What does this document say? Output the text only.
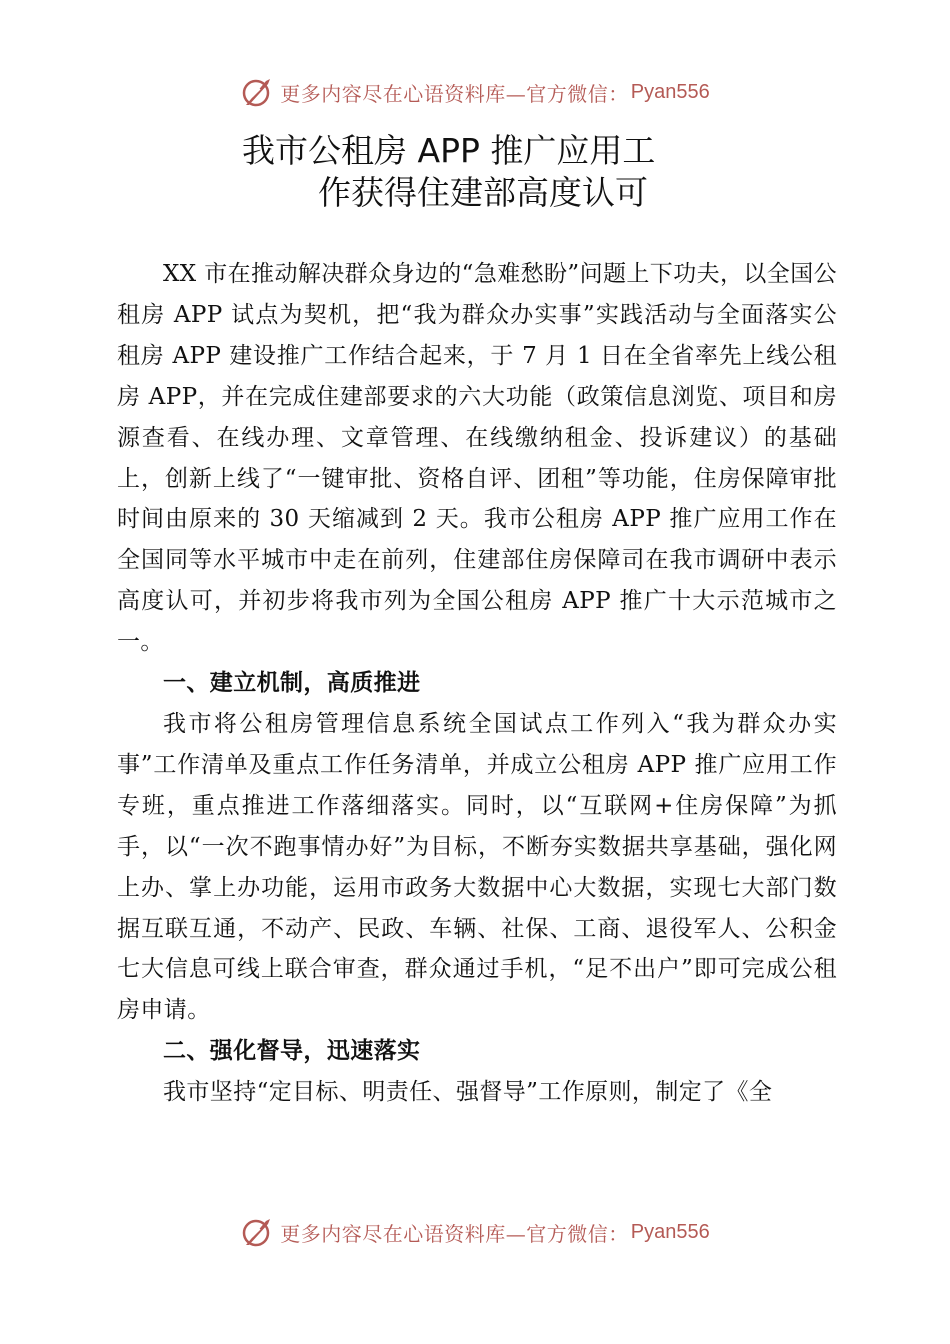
更多内容尽在心语资料库—官方微信： Pyan556
我市公租房 APP 推广应用工
作获得住建部高度认可

XX 市在推动解决群众身边的“急难愁盼”问题上下功夫，以全国公租房 APP 试点为契机，把“我为群众办实事”实践活动与全面落实公租房 APP 建设推广工作结合起来，于 7 月 1 日在全省率先上线公租房 APP，并在完成住建部要求的六大功能（政策信息浏览、项目和房源查看、在线办理、文章管理、在线缴纳租金、投诉建议）的基础上，创新上线了“一键审批、资格自评、团租”等功能，住房保障审批时间由原来的 30 天缩减到 2 天。我市公租房 APP 推广应用工作在全国同等水平城市中走在前列，住建部住房保障司在我市调研中表示高度认可，并初步将我市列为全国公租房 APP 推广十大示范城市之一。

一、建立机制，高质推进

我市将公租房管理信息系统全国试点工作列入“我为群众办实事”工作清单及重点工作任务清单，并成立公租房 APP 推广应用工作专班，重点推进工作落细落实。同时，以“互联网+住房保障”为抓手，以“一次不跑事情办好”为目标，不断夯实数据共享基础，强化网上办、掌上办功能，运用市政务大数据中心大数据，实现七大部门数据互联互通，不动产、民政、车辆、社保、工商、退役军人、公积金七大信息可线上联合审查，群众通过手机，“足不出户”即可完成公租房申请。

二、强化督导，迅速落实

我市坚持“定目标、明责任、强督导”工作原则，制定了《全

更多内容尽在心语资料库—官方微信： Pyan556
